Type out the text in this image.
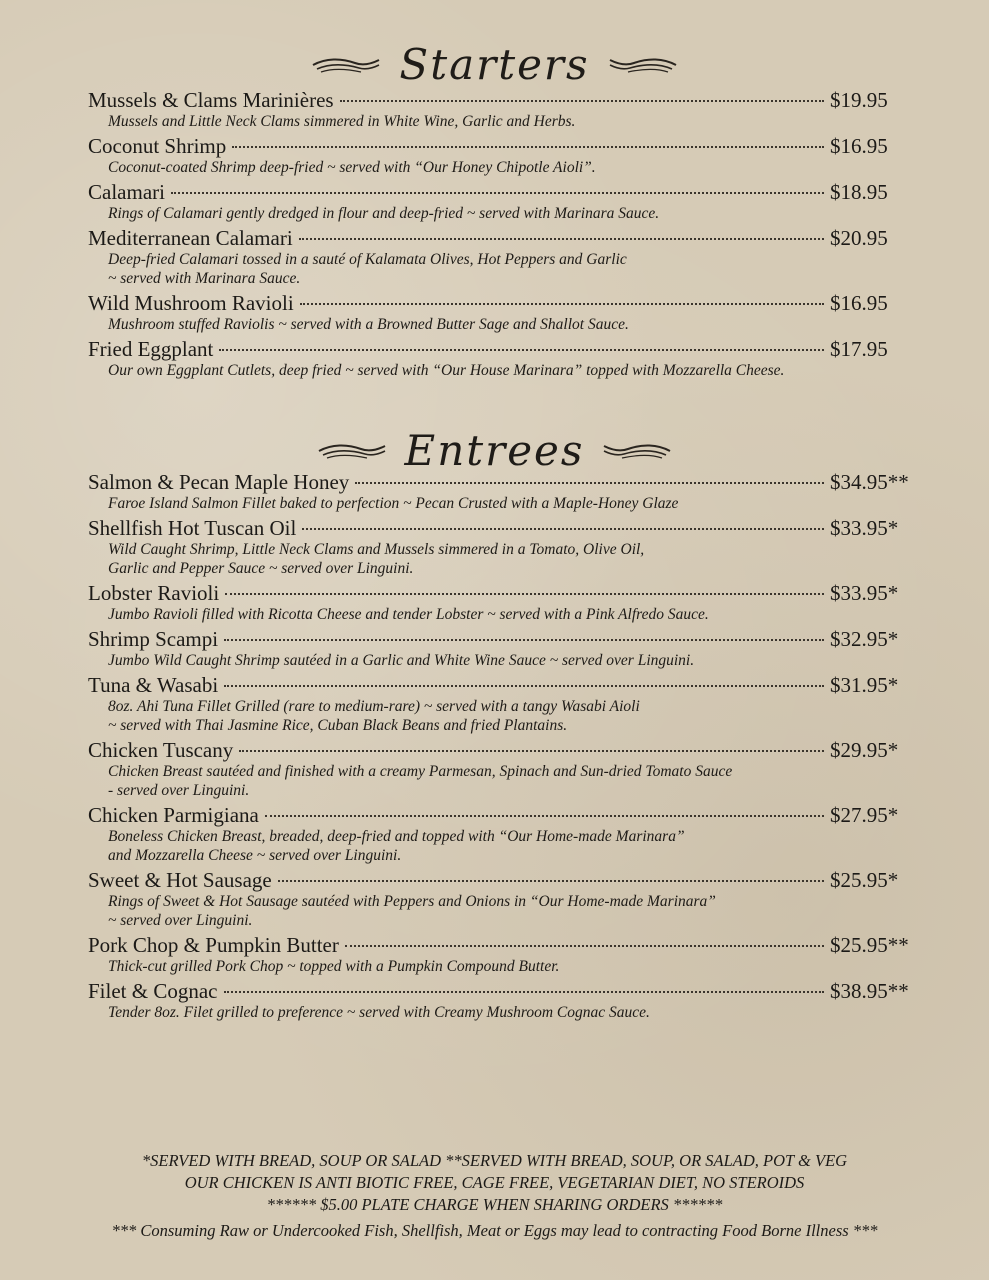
Starters
Mussels & Clams Marinières	$19.95
Mussels and Little Neck Clams simmered in White Wine, Garlic and Herbs.
Coconut Shrimp	$16.95
Coconut-coated Shrimp deep-fried ~ served with “Our Honey Chipotle Aioli”.
Calamari	$18.95
Rings of Calamari gently dredged in flour and deep-fried ~ served with Marinara Sauce.
Mediterranean Calamari	$20.95
Deep-fried Calamari tossed in a sauté of Kalamata Olives, Hot Peppers and Garlic
~ served with Marinara Sauce.
Wild Mushroom Ravioli	$16.95
Mushroom stuffed Raviolis ~ served with a Browned Butter Sage and Shallot Sauce.
Fried Eggplant	$17.95
Our own Eggplant Cutlets, deep fried ~ served with “Our House Marinara” topped with Mozzarella Cheese.
Entrees
Salmon & Pecan Maple Honey	$34.95**
Faroe Island Salmon Fillet baked to perfection ~ Pecan Crusted with a Maple-Honey Glaze
Shellfish Hot Tuscan Oil	$33.95*
Wild Caught Shrimp, Little Neck Clams and Mussels simmered in a Tomato, Olive Oil,
Garlic and Pepper Sauce ~ served over Linguini.
Lobster Ravioli	$33.95*
Jumbo Ravioli filled with Ricotta Cheese and tender Lobster ~ served with a Pink Alfredo Sauce.
Shrimp Scampi	$32.95*
Jumbo Wild Caught Shrimp sautéed in a Garlic and White Wine Sauce ~ served over Linguini.
Tuna & Wasabi	$31.95*
8oz. Ahi Tuna Fillet Grilled (rare to medium-rare) ~ served with a tangy Wasabi Aioli
~ served with Thai Jasmine Rice, Cuban Black Beans and fried Plantains.
Chicken Tuscany	$29.95*
Chicken Breast sautéed and finished with a creamy Parmesan, Spinach and Sun-dried Tomato Sauce
- served over Linguini.
Chicken Parmigiana	$27.95*
Boneless Chicken Breast, breaded, deep-fried and topped with “Our Home-made Marinara”
and Mozzarella Cheese ~ served over Linguini.
Sweet & Hot Sausage	$25.95*
Rings of Sweet & Hot Sausage sautéed with Peppers and Onions in “Our Home-made Marinara”
~ served over Linguini.
Pork Chop & Pumpkin Butter	$25.95**
Thick-cut grilled Pork Chop ~ topped with a Pumpkin Compound Butter.
Filet & Cognac	$38.95**
Tender 8oz. Filet grilled to preference ~ served with Creamy Mushroom Cognac Sauce.
*SERVED WITH BREAD, SOUP OR SALAD **SERVED WITH BREAD, SOUP, OR SALAD, POT & VEG
OUR CHICKEN IS ANTI BIOTIC FREE, CAGE FREE, VEGETARIAN DIET, NO STEROIDS
****** $5.00 PLATE CHARGE WHEN SHARING ORDERS ******
*** Consuming Raw or Undercooked Fish, Shellfish, Meat or Eggs may lead to contracting Food Borne Illness ***
